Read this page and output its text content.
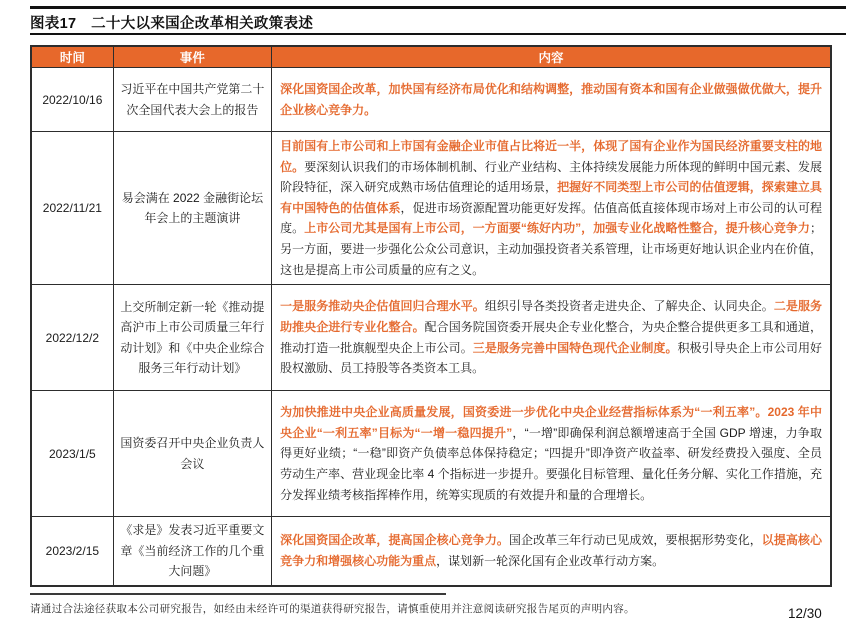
图表17　二十大以来国企改革相关政策表述
时间	事件	内容
2022/10/16	习近平在中国共产党第二十次全国代表大会上的报告	深化国资国企改革，加快国有经济布局优化和结构调整，推动国有资本和国有企业做强做优做大，提升企业核心竞争力。
2022/11/21	易会满在 2022 金融街论坛年会上的主题演讲	目前国有上市公司和上市国有金融企业市值占比将近一半，体现了国有企业作为国民经济重要支柱的地位。要深刻认识我们的市场体制机制、行业产业结构、主体持续发展能力所体现的鲜明中国元素、发展阶段特征，深入研究成熟市场估值理论的适用场景，把握好不同类型上市公司的估值逻辑，探索建立具有中国特色的估值体系，促进市场资源配置功能更好发挥。估值高低直接体现市场对上市公司的认可程度。上市公司尤其是国有上市公司，一方面要“练好内功”，加强专业化战略性整合，提升核心竞争力；另一方面，要进一步强化公众公司意识，主动加强投资者关系管理，让市场更好地认识企业内在价值，这也是提高上市公司质量的应有之义。
2022/12/2	上交所制定新一轮《推动提高沪市上市公司质量三年行动计划》和《中央企业综合服务三年行动计划》	一是服务推动央企估值回归合理水平。组织引导各类投资者走进央企、了解央企、认同央企。二是服务助推央企进行专业化整合。配合国务院国资委开展央企专业化整合，为央企整合提供更多工具和通道，推动打造一批旗舰型央企上市公司。三是服务完善中国特色现代企业制度。积极引导央企上市公司用好股权激励、员工持股等各类资本工具。
2023/1/5	国资委召开中央企业负责人会议	为加快推进中央企业高质量发展，国资委进一步优化中央企业经营指标体系为“一利五率”。2023 年中央企业“一利五率”目标为“一增一稳四提升”，“一增”即确保利润总额增速高于全国 GDP 增速，力争取得更好业绩；“一稳”即资产负债率总体保持稳定；“四提升”即净资产收益率、研发经费投入强度、全员劳动生产率、营业现金比率 4 个指标进一步提升。要强化目标管理、量化任务分解、实化工作措施，充分发挥业绩考核指挥棒作用，统筹实现质的有效提升和量的合理增长。
2023/2/15	《求是》发表习近平重要文章《当前经济工作的几个重大问题》	深化国资国企改革，提高国企核心竞争力。国企改革三年行动已见成效，要根据形势变化，以提高核心竞争力和增强核心功能为重点，谋划新一轮深化国有企业改革行动方案。
请通过合法途径获取本公司研究报告，如经由未经许可的渠道获得研究报告，请慎重使用并注意阅读研究报告尾页的声明内容。	12/30
